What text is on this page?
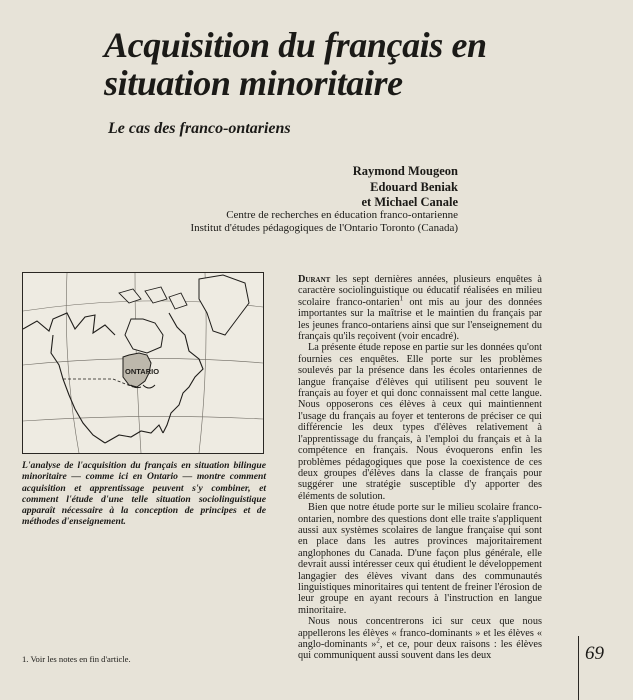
Acquisition du français en situation minoritaire
Le cas des franco-ontariens
Raymond Mougeon
Edouard Beniak
et Michael Canale
Centre de recherches en éducation franco-ontarienne
Institut d'études pédagogiques de l'Ontario Toronto (Canada)
ONTARIO
L'analyse de l'acquisition du français en situation bilingue minoritaire — comme ici en Ontario — montre comment acquisition et apprentissage peuvent s'y combiner, et comment l'étude d'une telle situation sociolinguistique apparaît nécessaire à la conception de principes et de méthodes d'enseignement.
1. Voir les notes en fin d'article.

Durant les sept dernières années, plusieurs enquêtes à caractère sociolinguistique ou éducatif réalisées en milieu scolaire franco-ontarien$^1$ ont mis au jour des données importantes sur la maîtrise et le maintien du français par les jeunes franco-ontariens ainsi que sur l'enseignement du français qu'ils reçoivent (voir encadré).

La présente étude repose en partie sur les données qu'ont fournies ces enquêtes. Elle porte sur les problèmes soulevés par la présence dans les écoles ontariennes de langue française d'élèves qui utilisent peu souvent le français au foyer et qui donc connaissent mal cette langue. Nous opposerons ces élèves à ceux qui maintiennent l'usage du français au foyer et tenterons de préciser ce qui différencie les deux types d'élèves relativement à l'apprentissage du français, à l'emploi du français et à la compétence en français. Nous évoquerons enfin les problèmes pédagogiques que pose la coexistence de ces deux groupes d'élèves dans la classe de français pour suggérer une stratégie susceptible d'y apporter des éléments de solution.

Bien que notre étude porte sur le milieu scolaire franco-ontarien, nombre des questions dont elle traite s'appliquent aussi aux systèmes scolaires de langue française qui sont en place dans les autres provinces majoritairement anglophones du Canada. D'une façon plus générale, elle devrait aussi intéresser ceux qui étudient le développement langagier des élèves vivant dans des communautés linguistiques minoritaires qui tentent de freiner l'érosion de leur groupe en ayant recours à l'instruction en langue minoritaire.

Nous nous concentrerons ici sur ceux que nous appellerons les élèves « franco-dominants » et les élèves « anglo-dominants »$^2$, et ce, pour deux raisons : les élèves qui communiquent aussi souvent dans les deux	69
